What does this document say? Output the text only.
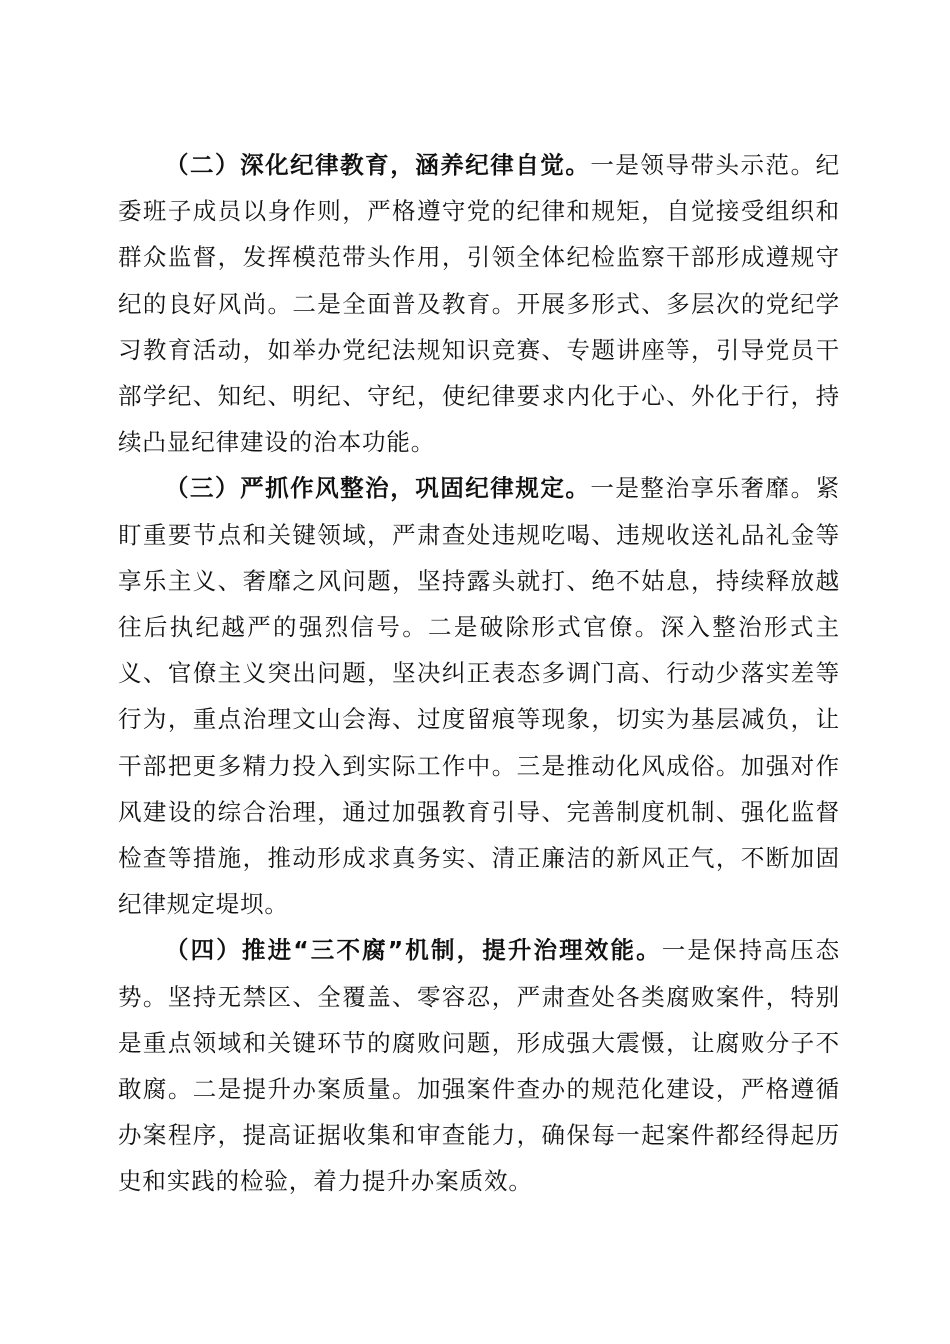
（二）深化纪律教育，涵养纪律自觉。一是领导带头示范。纪委班子成员以身作则，严格遵守党的纪律和规矩，自觉接受组织和群众监督，发挥模范带头作用，引领全体纪检监察干部形成遵规守纪的良好风尚。二是全面普及教育。开展多形式、多层次的党纪学习教育活动，如举办党纪法规知识竞赛、专题讲座等，引导党员干部学纪、知纪、明纪、守纪，使纪律要求内化于心、外化于行，持续凸显纪律建设的治本功能。

（三）严抓作风整治，巩固纪律规定。一是整治享乐奢靡。紧盯重要节点和关键领域，严肃查处违规吃喝、违规收送礼品礼金等享乐主义、奢靡之风问题，坚持露头就打、绝不姑息，持续释放越往后执纪越严的强烈信号。二是破除形式官僚。深入整治形式主义、官僚主义突出问题，坚决纠正表态多调门高、行动少落实差等行为，重点治理文山会海、过度留痕等现象，切实为基层减负，让干部把更多精力投入到实际工作中。三是推动化风成俗。加强对作风建设的综合治理，通过加强教育引导、完善制度机制、强化监督检查等措施，推动形成求真务实、清正廉洁的新风正气，不断加固纪律规定堤坝。

（四）推进“三不腐”机制，提升治理效能。一是保持高压态势。坚持无禁区、全覆盖、零容忍，严肃查处各类腐败案件，特别是重点领域和关键环节的腐败问题，形成强大震慑，让腐败分子不敢腐。二是提升办案质量。加强案件查办的规范化建设，严格遵循办案程序，提高证据收集和审查能力，确保每一起案件都经得起历史和实践的检验，着力提升办案质效。
